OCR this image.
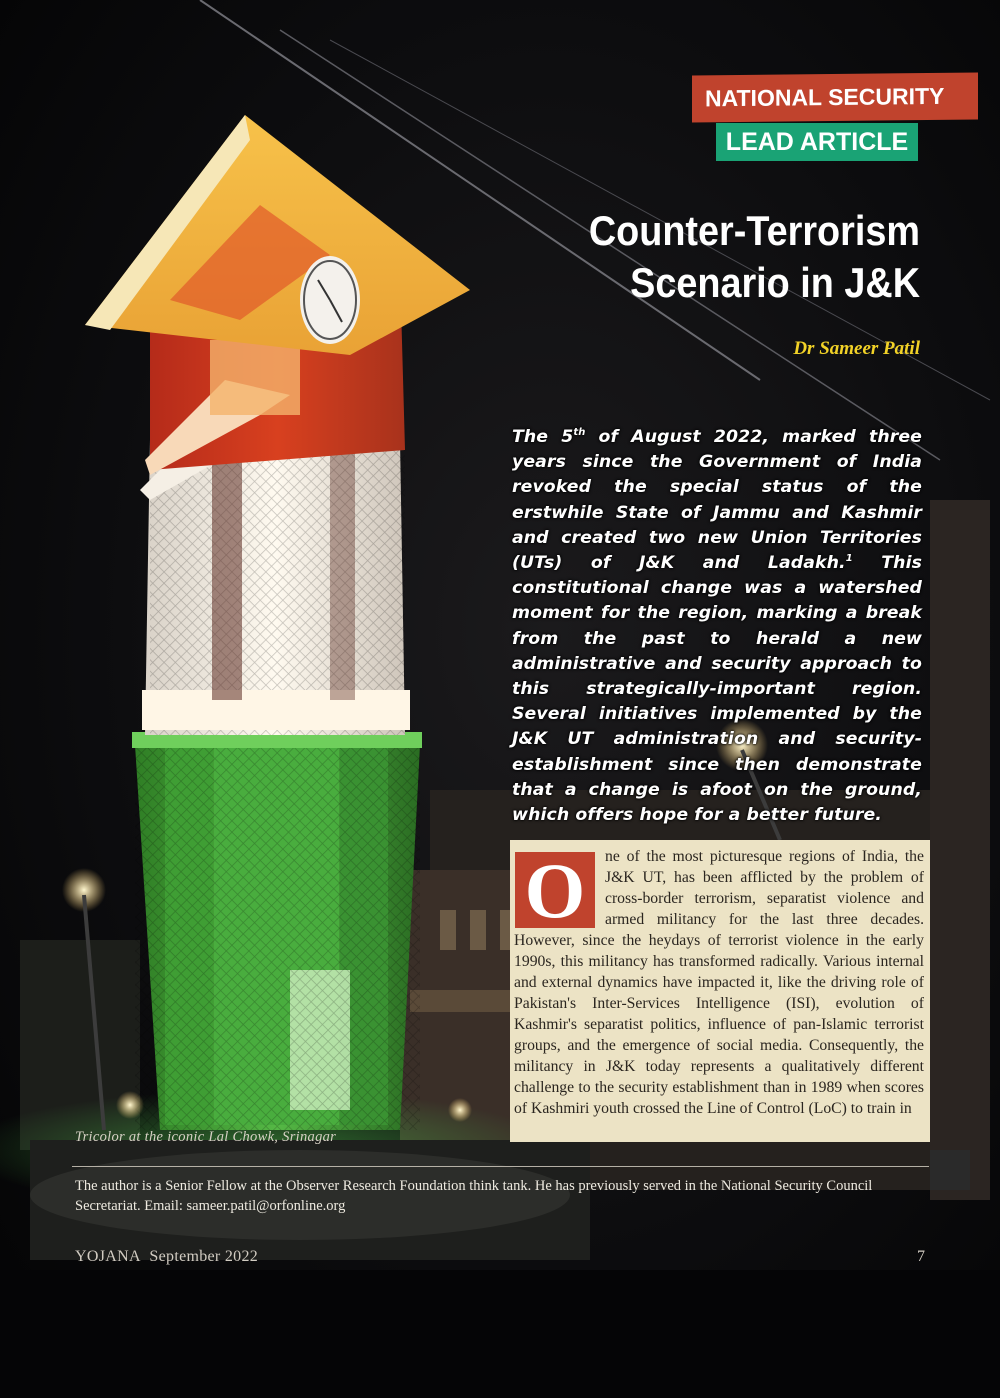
NATIONAL SECURITY
LEAD ARTICLE
Counter-Terrorism
Scenario in J&K
Dr Sameer Patil

The 5th of August 2022, marked three years since the Government of India revoked the special status of the erstwhile State of Jammu and Kashmir and created two new Union Territories (UTs) of J&K and Ladakh.$^1$ This constitutional change was a watershed moment for the region, marking a break from the past to herald a new administrative and security approach to this strategically-important region. Several initiatives implemented by the J&K UT administration and security-establishment since then demonstrate that a change is afoot on the ground, which offers hope for a better future.

O	ne of the most picturesque regions of India, the J&K UT, has been afflicted by the problem of cross-border terrorism, separatist violence and armed militancy for the last three decades. However, since the heydays of terrorist violence in the early 1990s, this militancy has transformed radically. Various internal and external dynamics have impacted it, like the driving role of Pakistan's Inter-Services Intelligence (ISI), evolution of Kashmir's separatist politics, influence of pan-Islamic terrorist groups, and the emergence of social media. Consequently, the militancy in J&K today represents a qualitatively different challenge to the security establishment than in 1989 when scores of Kashmiri youth crossed the Line of Control (LoC) to train in

Tricolor at the iconic Lal Chowk, Srinagar
The author is a Senior Fellow at the Observer Research Foundation think tank. He has previously served in the National Security Council Secretariat. Email: sameer.patil@orfonline.org
YOJANA September 2022	7
